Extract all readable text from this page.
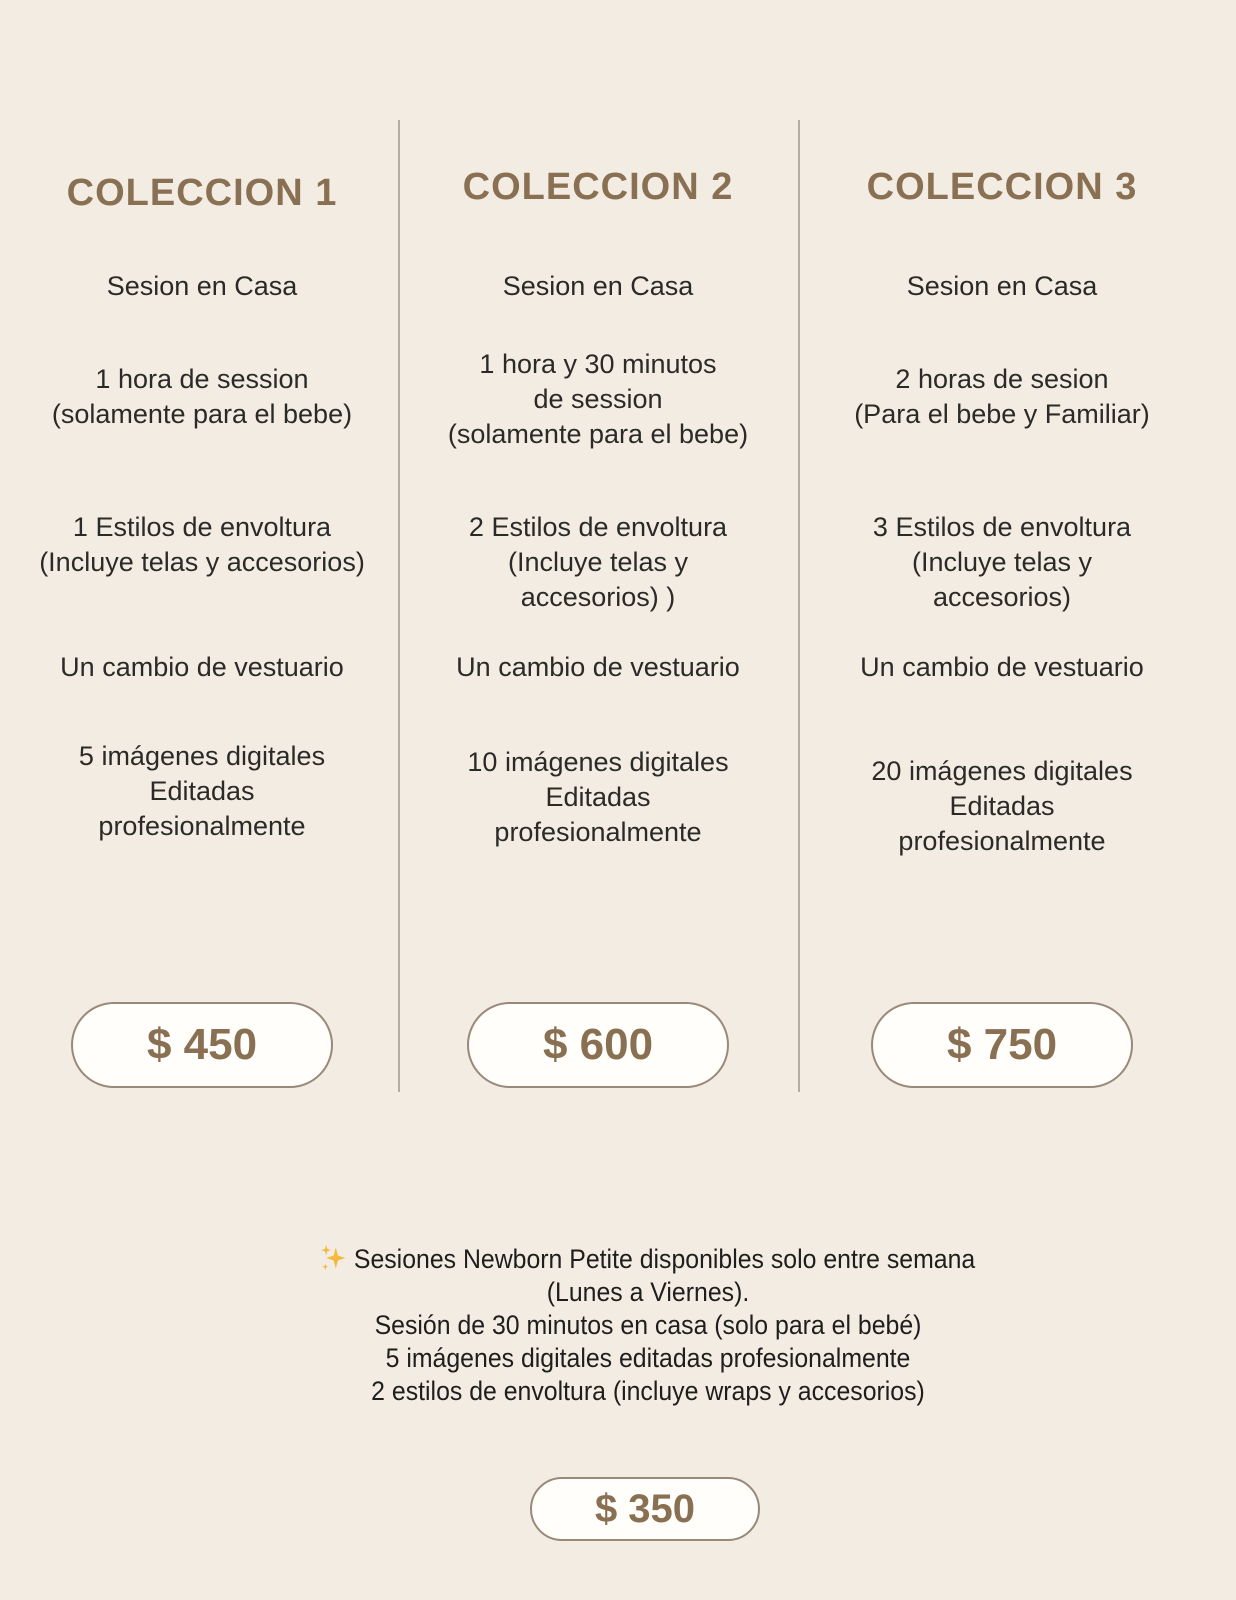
COLECCION 1
Sesion en Casa
1 hora de session
(solamente para el bebe)
1 Estilos de envoltura
(Incluye telas y accesorios)
Un cambio de vestuario
5 imágenes digitales
Editadas
profesionalmente
$ 450
COLECCION 2
Sesion en Casa
1 hora y 30 minutos
de session
(solamente para el bebe)
2 Estilos de envoltura
(Incluye telas y
accesorios) )
Un cambio de vestuario
10 imágenes digitales
Editadas
profesionalmente
$ 600
COLECCION 3
Sesion en Casa
2 horas de sesion
(Para el bebe y Familiar)
3 Estilos de envoltura
(Incluye telas y
accesorios)
Un cambio de vestuario
20 imágenes digitales
Editadas
profesionalmente
$ 750
Sesiones Newborn Petite disponibles solo entre semana
(Lunes a Viernes).
Sesión de 30 minutos en casa (solo para el bebé)
5 imágenes digitales editadas profesionalmente
2 estilos de envoltura (incluye wraps y accesorios)
$ 350
